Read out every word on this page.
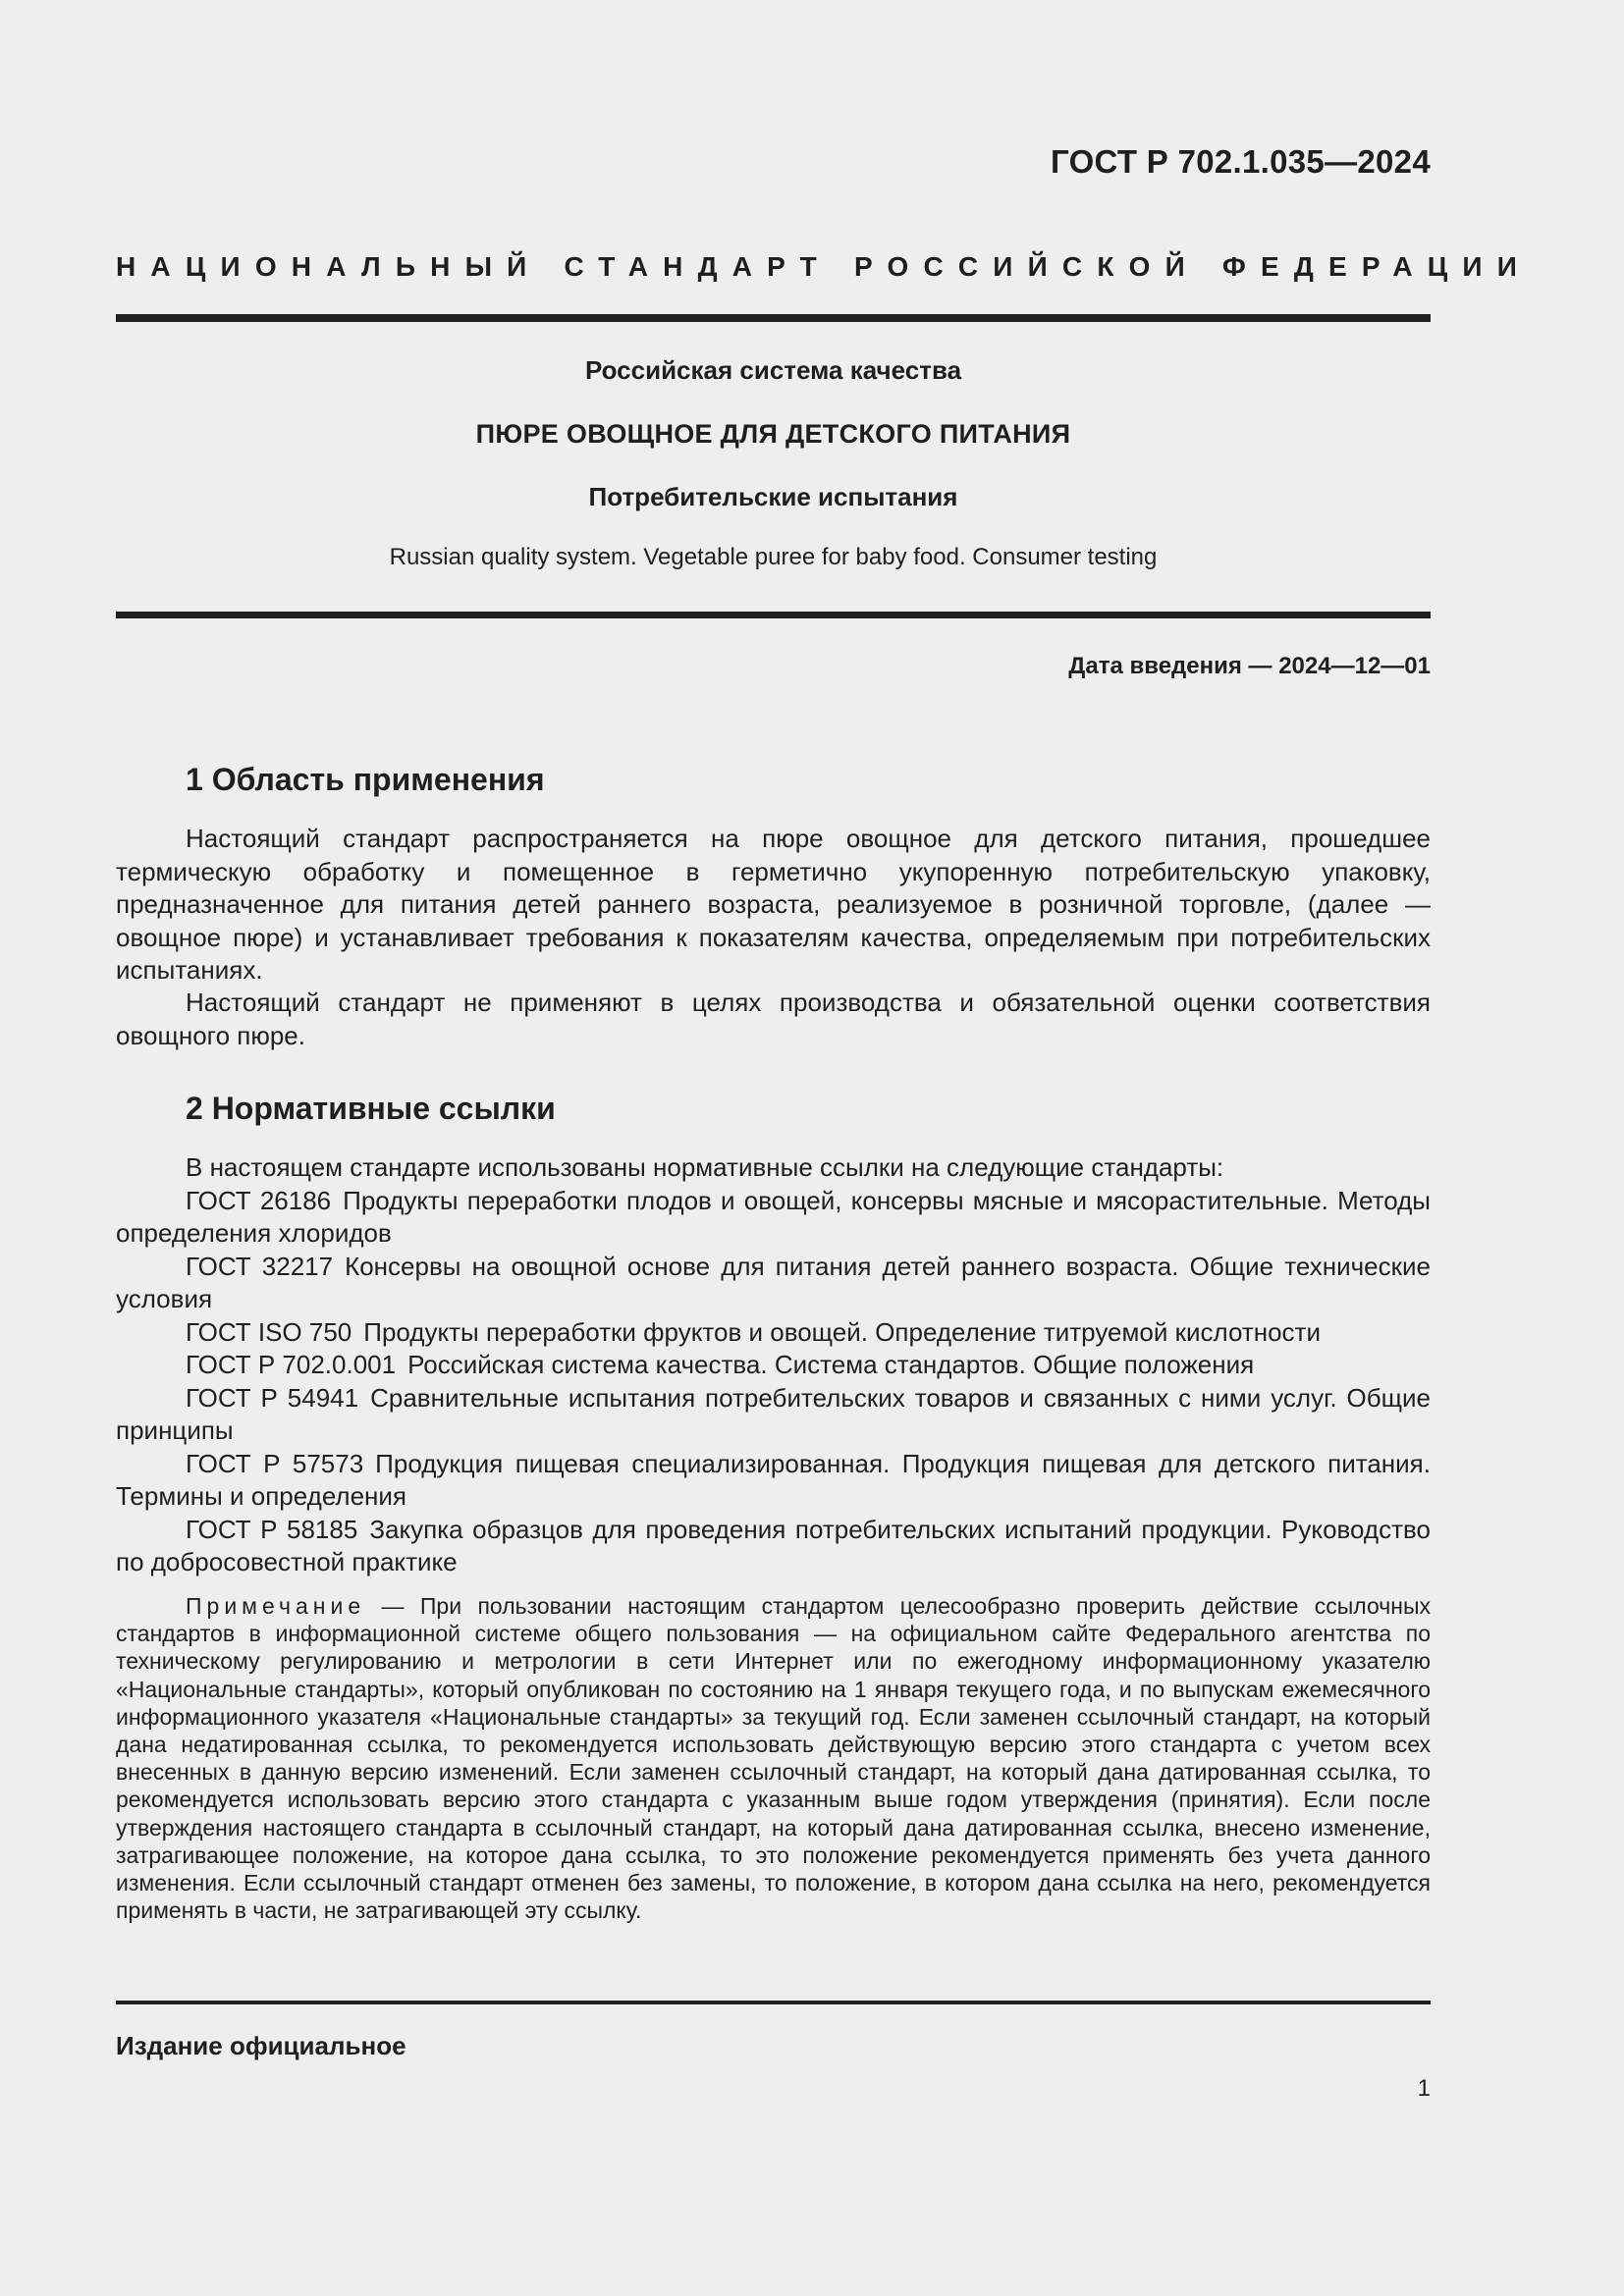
ГОСТ Р 702.1.035—2024
НАЦИОНАЛЬНЫЙ СТАНДАРТ РОССИЙСКОЙ ФЕДЕРАЦИИ
Российская система качества
ПЮРЕ ОВОЩНОЕ ДЛЯ ДЕТСКОГО ПИТАНИЯ
Потребительские испытания
Russian quality system. Vegetable puree for baby food. Consumer testing
Дата введения — 2024—12—01
1 Область применения

Настоящий стандарт распространяется на пюре овощное для детского питания, прошедшее термическую обработку и помещенное в герметично укупоренную потребительскую упаковку, предназначенное для питания детей раннего возраста, реализуемое в розничной торговле, (далее — овощное пюре) и устанавливает требования к показателям качества, определяемым при потребительских испытаниях.

Настоящий стандарт не применяют в целях производства и обязательной оценки соответствия овощного пюре.

2 Нормативные ссылки

В настоящем стандарте использованы нормативные ссылки на следующие стандарты:

ГОСТ 26186 Продукты переработки плодов и овощей, консервы мясные и мясорастительные. Методы определения хлоридов

ГОСТ 32217 Консервы на овощной основе для питания детей раннего возраста. Общие технические условия

ГОСТ ISO 750 Продукты переработки фруктов и овощей. Определение титруемой кислотности

ГОСТ Р 702.0.001 Российская система качества. Система стандартов. Общие положения

ГОСТ Р 54941 Сравнительные испытания потребительских товаров и связанных с ними услуг. Общие принципы

ГОСТ Р 57573 Продукция пищевая специализированная. Продукция пищевая для детского питания. Термины и определения

ГОСТ Р 58185 Закупка образцов для проведения потребительских испытаний продукции. Руководство по добросовестной практике

Примечание — При пользовании настоящим стандартом целесообразно проверить действие ссылочных стандартов в информационной системе общего пользования — на официальном сайте Федерального агентства по техническому регулированию и метрологии в сети Интернет или по ежегодному информационному указателю «Национальные стандарты», который опубликован по состоянию на 1 января текущего года, и по выпускам ежемесячного информационного указателя «Национальные стандарты» за текущий год. Если заменен ссылочный стандарт, на который дана недатированная ссылка, то рекомендуется использовать действующую версию этого стандарта с учетом всех внесенных в данную версию изменений. Если заменен ссылочный стандарт, на который дана датированная ссылка, то рекомендуется использовать версию этого стандарта с указанным выше годом утверждения (принятия). Если после утверждения настоящего стандарта в ссылочный стандарт, на который дана датированная ссылка, внесено изменение, затрагивающее положение, на которое дана ссылка, то это положение рекомендуется применять без учета данного изменения. Если ссылочный стандарт отменен без замены, то положение, в котором дана ссылка на него, рекомендуется применять в части, не затрагивающей эту ссылку.

Издание официальное
1
